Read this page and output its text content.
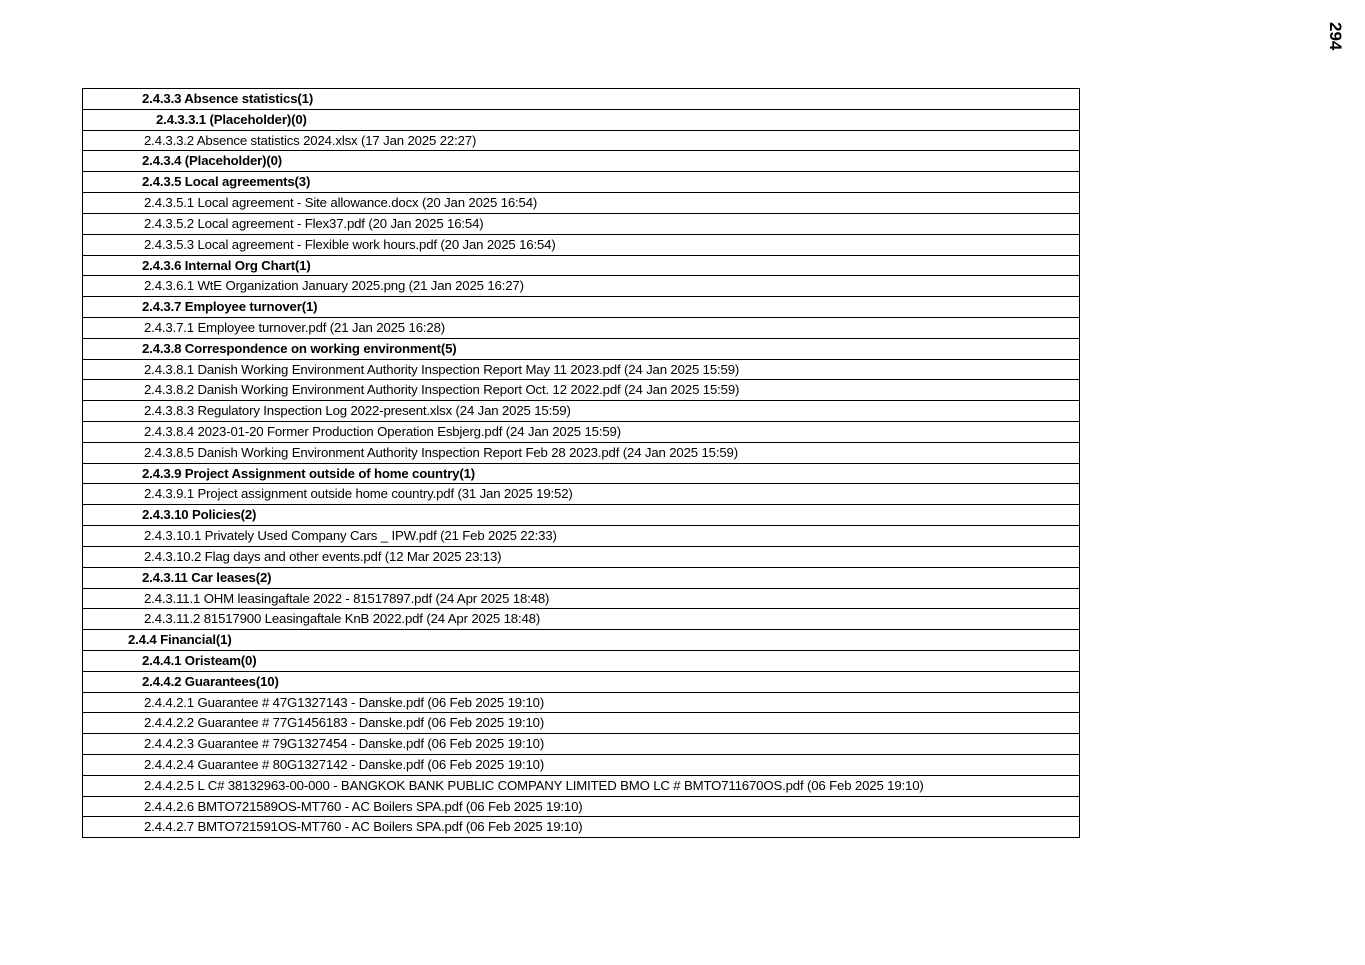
294
2.4.3.3 Absence statistics(1)
2.4.3.3.1 (Placeholder)(0)
2.4.3.3.2 Absence statistics 2024.xlsx (17 Jan 2025 22:27)
2.4.3.4 (Placeholder)(0)
2.4.3.5 Local agreements(3)
2.4.3.5.1 Local agreement - Site allowance.docx (20 Jan 2025 16:54)
2.4.3.5.2 Local agreement - Flex37.pdf (20 Jan 2025 16:54)
2.4.3.5.3 Local agreement - Flexible work hours.pdf (20 Jan 2025 16:54)
2.4.3.6 Internal Org Chart(1)
2.4.3.6.1 WtE Organization January 2025.png (21 Jan 2025 16:27)
2.4.3.7 Employee turnover(1)
2.4.3.7.1 Employee turnover.pdf (21 Jan 2025 16:28)
2.4.3.8 Correspondence on working environment(5)
2.4.3.8.1 Danish Working Environment Authority Inspection Report May 11 2023.pdf (24 Jan 2025 15:59)
2.4.3.8.2 Danish Working Environment Authority Inspection Report Oct. 12 2022.pdf (24 Jan 2025 15:59)
2.4.3.8.3 Regulatory Inspection Log 2022-present.xlsx (24 Jan 2025 15:59)
2.4.3.8.4 2023-01-20 Former Production Operation Esbjerg.pdf (24 Jan 2025 15:59)
2.4.3.8.5 Danish Working Environment Authority Inspection Report Feb 28 2023.pdf (24 Jan 2025 15:59)
2.4.3.9 Project Assignment outside of home country(1)
2.4.3.9.1 Project assignment outside home country.pdf (31 Jan 2025 19:52)
2.4.3.10 Policies(2)
2.4.3.10.1 Privately Used Company Cars _ IPW.pdf (21 Feb 2025 22:33)
2.4.3.10.2 Flag days and other events.pdf (12 Mar 2025 23:13)
2.4.3.11 Car leases(2)
2.4.3.11.1 OHM leasingaftale 2022 - 81517897.pdf (24 Apr 2025 18:48)
2.4.3.11.2 81517900 Leasingaftale KnB 2022.pdf (24 Apr 2025 18:48)
2.4.4 Financial(1)
2.4.4.1 Oristeam(0)
2.4.4.2 Guarantees(10)
2.4.4.2.1 Guarantee # 47G1327143 - Danske.pdf (06 Feb 2025 19:10)
2.4.4.2.2 Guarantee # 77G1456183 - Danske.pdf (06 Feb 2025 19:10)
2.4.4.2.3 Guarantee # 79G1327454 - Danske.pdf (06 Feb 2025 19:10)
2.4.4.2.4 Guarantee # 80G1327142 - Danske.pdf (06 Feb 2025 19:10)
2.4.4.2.5 L C# 38132963-00-000 - BANGKOK BANK PUBLIC COMPANY LIMITED BMO LC # BMTO711670OS.pdf (06 Feb 2025 19:10)
2.4.4.2.6 BMTO721589OS-MT760 - AC Boilers SPA.pdf (06 Feb 2025 19:10)
2.4.4.2.7 BMTO721591OS-MT760 - AC Boilers SPA.pdf (06 Feb 2025 19:10)
